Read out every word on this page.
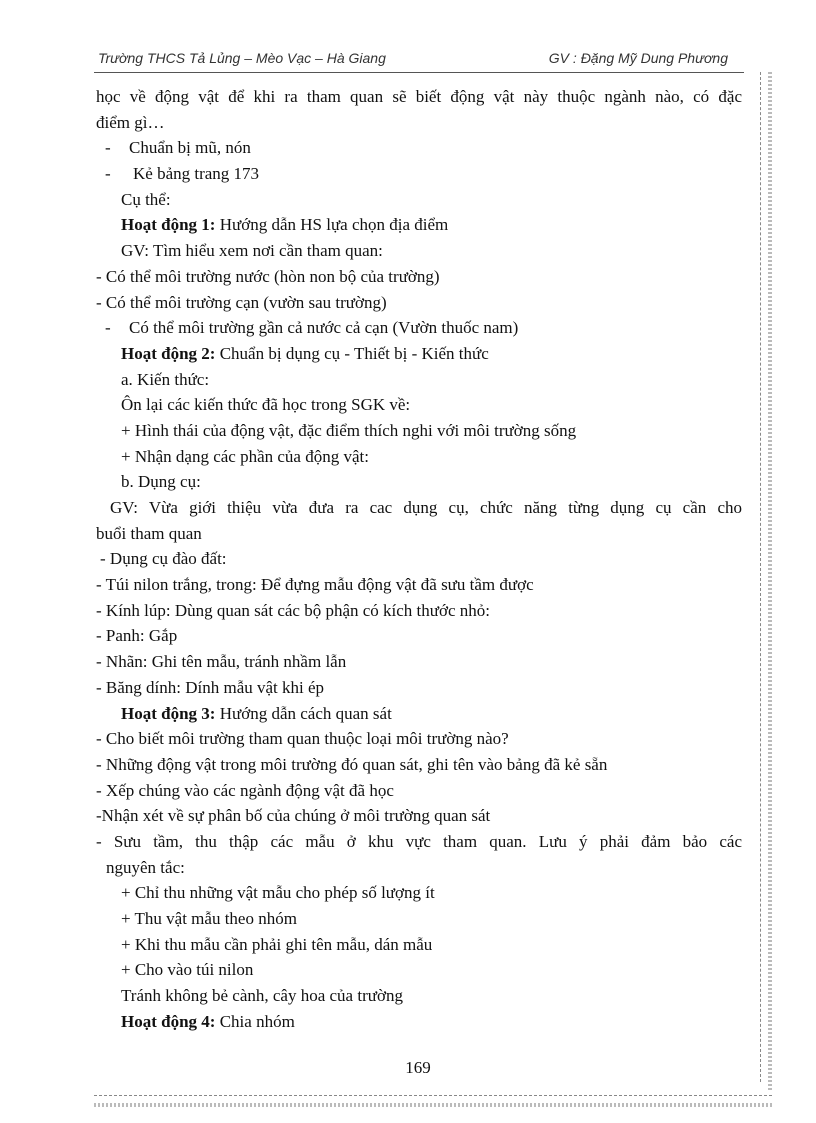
Trường THCS Tả Lủng – Mèo Vạc – Hà Giang	GV : Đặng Mỹ Dung Phương
học về động vật để khi ra tham quan sẽ biết động vật này thuộc ngành nào, có đặc
điểm gì…
- Chuẩn bị mũ, nón
- Kẻ bảng trang 173
Cụ thể:
Hoạt động 1: Hướng dẫn HS lựa chọn địa điểm
GV: Tìm hiểu xem nơi cần tham quan:
- Có thể môi trường nước (hòn non bộ của trường)
- Có thể môi trường cạn (vườn sau trường)
- Có thể môi trường gần cả nước cả cạn (Vườn thuốc nam)
Hoạt động 2: Chuẩn bị dụng cụ - Thiết bị - Kiến thức
a. Kiến thức:
Ôn lại các kiến thức đã học trong SGK về:
+ Hình thái của động vật, đặc điểm thích nghi với môi trường sống
+ Nhận dạng các phần của động vật:
b. Dụng cụ:
GV: Vừa giới thiệu vừa đưa ra cac dụng cụ, chức năng từng dụng cụ cần cho
buổi tham quan
- Dụng cụ đào đất:
- Túi nilon trắng, trong: Để đựng mẫu động vật đã sưu tầm được
- Kính lúp: Dùng quan sát các bộ phận có kích thước nhỏ:
- Panh: Gắp
- Nhãn: Ghi tên mẫu, tránh nhầm lẫn
- Băng dính: Dính mẫu vật khi ép
Hoạt động 3: Hướng dẫn cách quan sát
- Cho biết môi trường tham quan thuộc loại môi trường nào?
- Những động vật trong môi trường đó quan sát, ghi tên vào bảng đã kẻ sẵn
- Xếp chúng vào các ngành động vật đã học
-Nhận xét về sự phân bố của chúng ở môi trường quan sát
- Sưu tầm, thu thập các mẫu ở khu vực tham quan. Lưu ý phải đảm bảo các
nguyên tắc:
+ Chỉ thu những vật mẫu cho phép số lượng ít
+ Thu vật mẫu theo nhóm
+ Khi thu mẫu cần phải ghi tên mẫu, dán mẫu
+ Cho vào túi nilon
Tránh không bẻ cành, cây hoa của trường
Hoạt động 4: Chia nhóm
169
